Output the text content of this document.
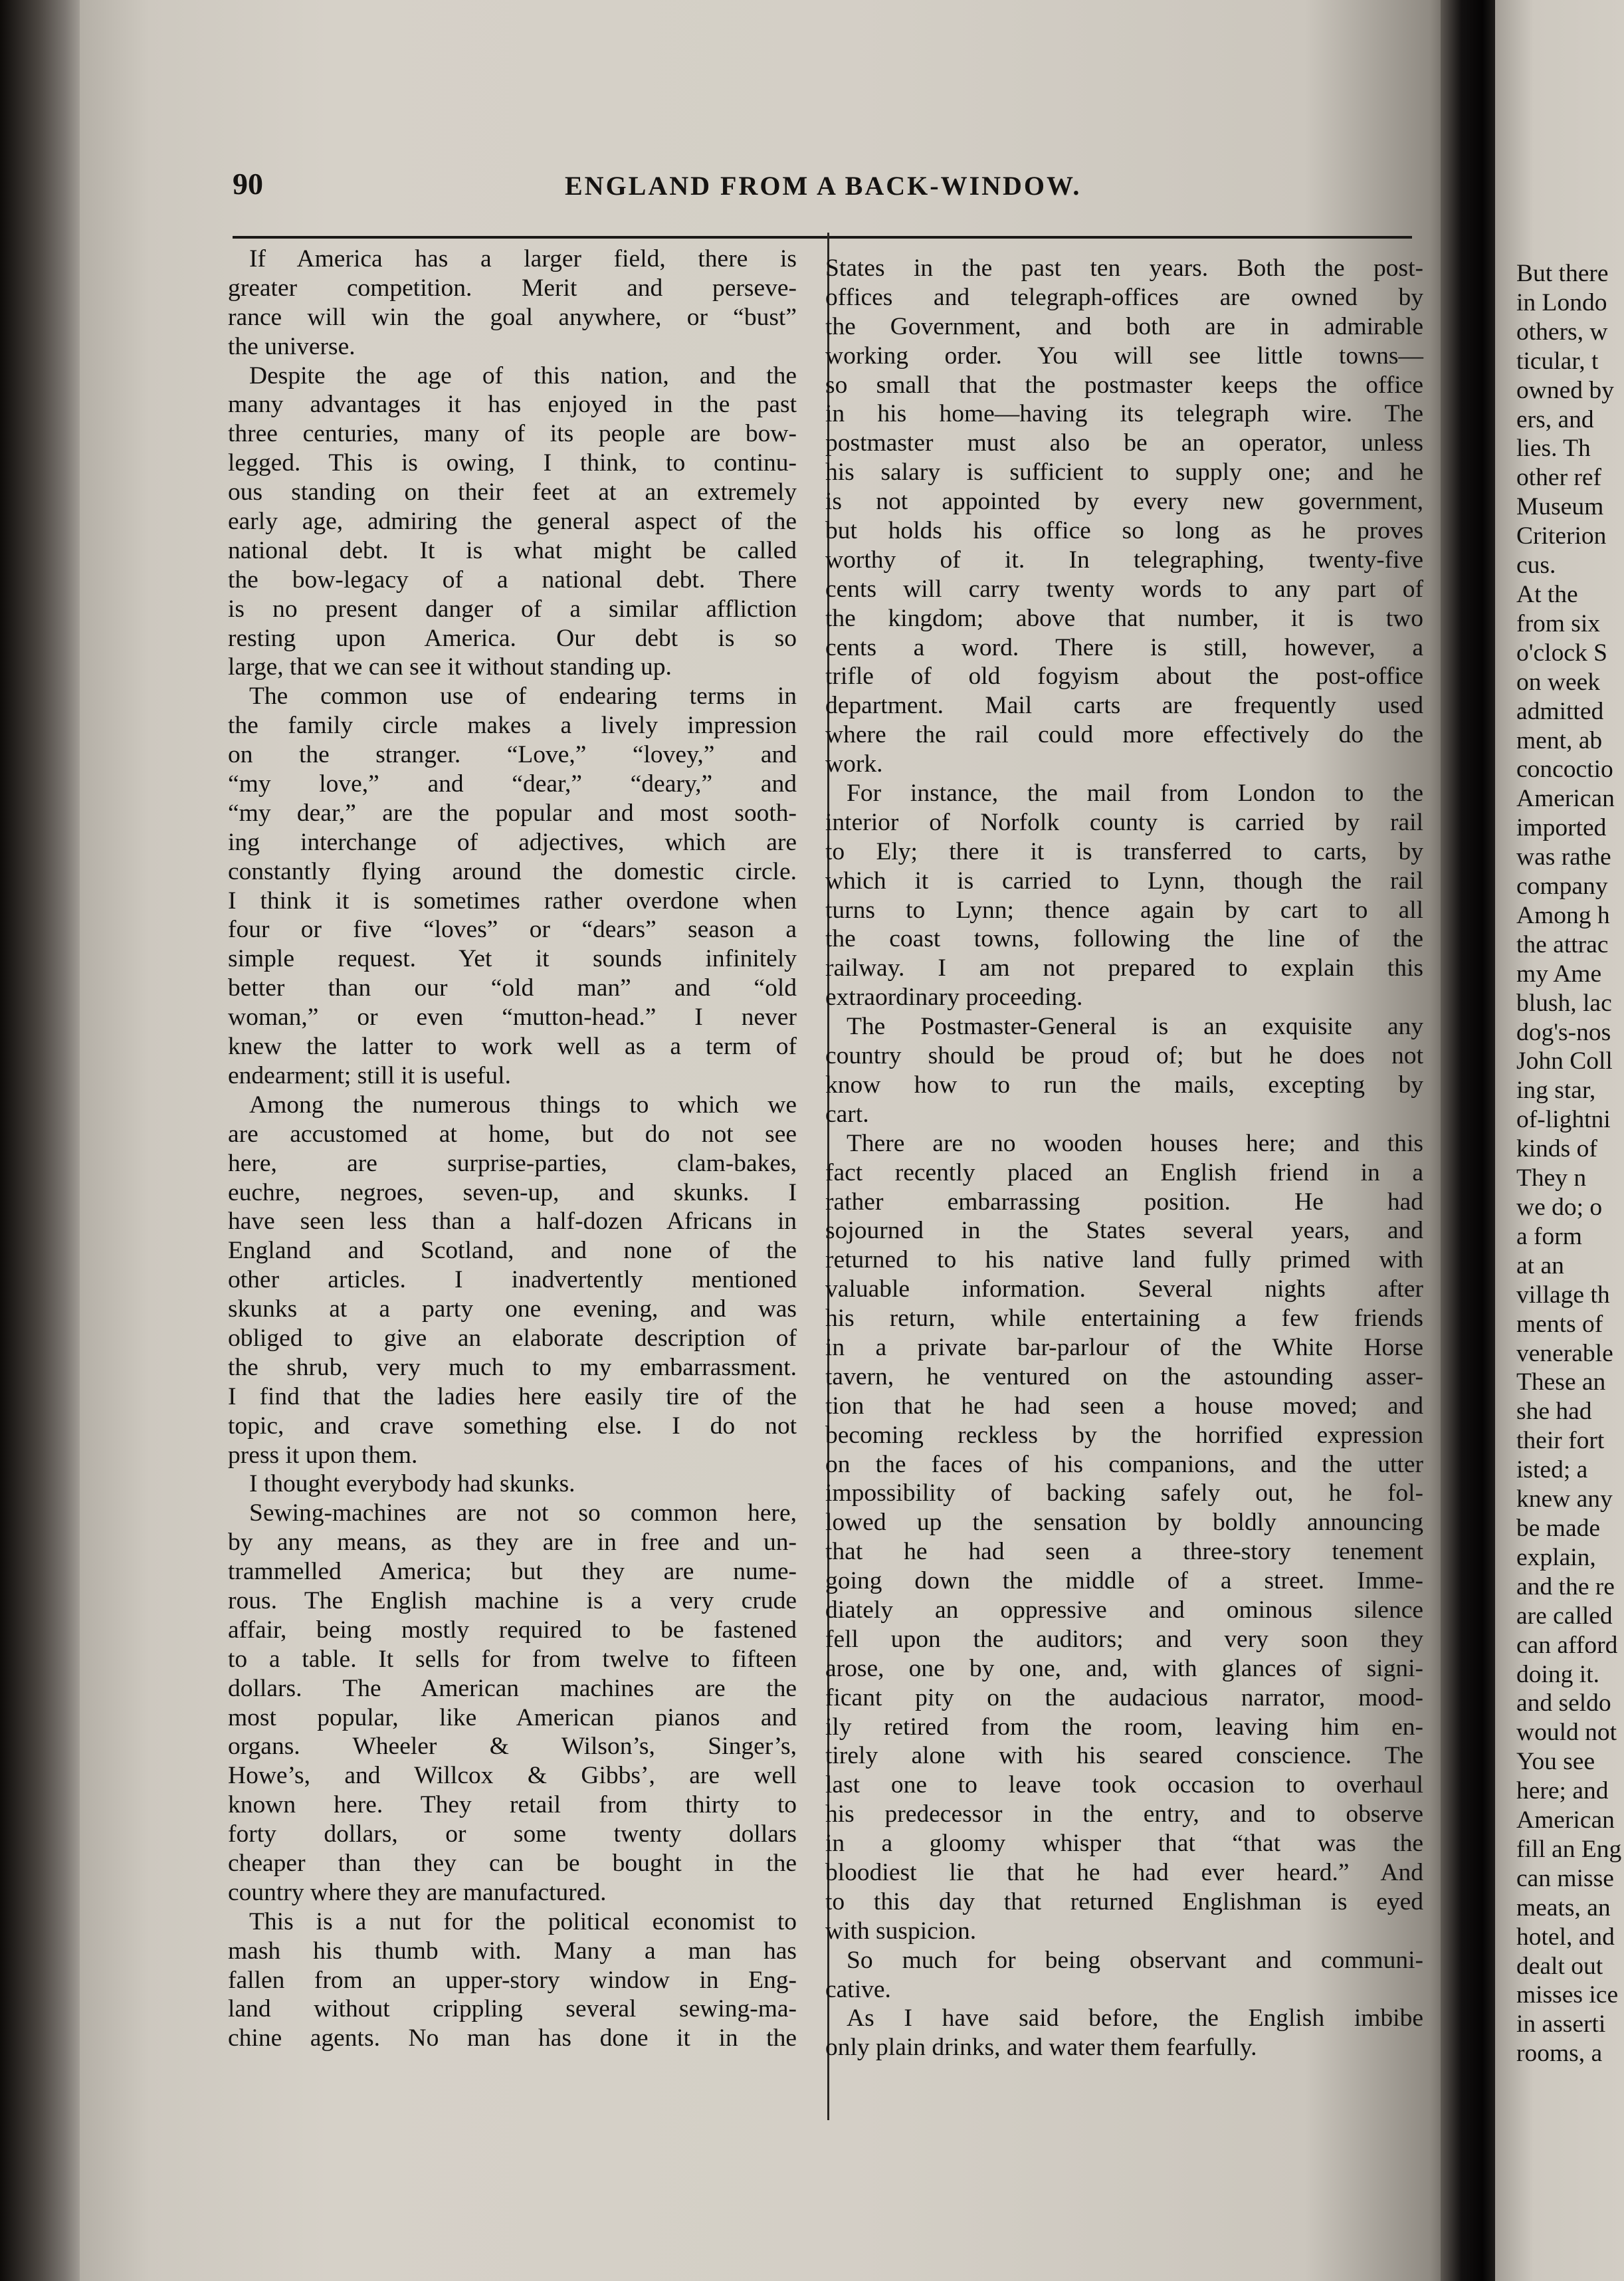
90	ENGLAND FROM A BACK-WINDOW.
If America has a larger field, there is
greater competition. Merit and perseve-
rance will win the goal anywhere, or “bust”
the universe.
Despite the age of this nation, and the
many advantages it has enjoyed in the past
three centuries, many of its people are bow-
legged. This is owing, I think, to continu-
ous standing on their feet at an extremely
early age, admiring the general aspect of the
national debt. It is what might be called
the bow-legacy of a national debt. There
is no present danger of a similar affliction
resting upon America. Our debt is so
large, that we can see it without standing up.
The common use of endearing terms in
the family circle makes a lively impression
on the stranger. “Love,” “lovey,” and
“my love,” and “dear,” “deary,” and
“my dear,” are the popular and most sooth-
ing interchange of adjectives, which are
constantly flying around the domestic circle.
I think it is sometimes rather overdone when
four or five “loves” or “dears” season a
simple request. Yet it sounds infinitely
better than our “old man” and “old
woman,” or even “mutton-head.” I never
knew the latter to work well as a term of
endearment; still it is useful.
Among the numerous things to which we
are accustomed at home, but do not see
here, are surprise-parties, clam-bakes,
euchre, negroes, seven-up, and skunks. I
have seen less than a half-dozen Africans in
England and Scotland, and none of the
other articles. I inadvertently mentioned
skunks at a party one evening, and was
obliged to give an elaborate description of
the shrub, very much to my embarrassment.
I find that the ladies here easily tire of the
topic, and crave something else. I do not
press it upon them.
I thought everybody had skunks.
Sewing-machines are not so common here,
by any means, as they are in free and un-
trammelled America; but they are nume-
rous. The English machine is a very crude
affair, being mostly required to be fastened
to a table. It sells for from twelve to fifteen
dollars. The American machines are the
most popular, like American pianos and
organs. Wheeler & Wilson’s, Singer’s,
Howe’s, and Willcox & Gibbs’, are well
known here. They retail from thirty to
forty dollars, or some twenty dollars
cheaper than they can be bought in the
country where they are manufactured.
This is a nut for the political economist to
mash his thumb with. Many a man has
fallen from an upper-story window in Eng-
land without crippling several sewing-ma-
chine agents. No man has done it in the
States in the past ten years. Both the post-
offices and telegraph-offices are owned by
the Government, and both are in admirable
working order. You will see little towns—
so small that the postmaster keeps the office
in his home—having its telegraph wire. The
postmaster must also be an operator, unless
his salary is sufficient to supply one; and he
is not appointed by every new government,
but holds his office so long as he proves
worthy of it. In telegraphing, twenty-five
cents will carry twenty words to any part of
the kingdom; above that number, it is two
cents a word. There is still, however, a
trifle of old fogyism about the post-office
department. Mail carts are frequently used
where the rail could more effectively do the
work.
For instance, the mail from London to the
interior of Norfolk county is carried by rail
to Ely; there it is transferred to carts, by
which it is carried to Lynn, though the rail
turns to Lynn; thence again by cart to all
the coast towns, following the line of the
railway. I am not prepared to explain this
extraordinary proceeding.
The Postmaster-General is an exquisite any
country should be proud of; but he does not
know how to run the mails, excepting by
cart.
There are no wooden houses here; and this
fact recently placed an English friend in a
rather embarrassing position. He had
sojourned in the States several years, and
returned to his native land fully primed with
valuable information. Several nights after
his return, while entertaining a few friends
in a private bar-parlour of the White Horse
tavern, he ventured on the astounding asser-
tion that he had seen a house moved; and
becoming reckless by the horrified expression
on the faces of his companions, and the utter
impossibility of backing safely out, he fol-
lowed up the sensation by boldly announcing
that he had seen a three-story tenement
going down the middle of a street. Imme-
diately an oppressive and ominous silence
fell upon the auditors; and very soon they
arose, one by one, and, with glances of signi-
ficant pity on the audacious narrator, mood-
ily retired from the room, leaving him en-
tirely alone with his seared conscience. The
last one to leave took occasion to overhaul
his predecessor in the entry, and to observe
in a gloomy whisper that “that was the
bloodiest lie that he had ever heard.” And
to this day that returned Englishman is eyed
with suspicion.
So much for being observant and communi-
cative.
As I have said before, the English imbibe
only plain drinks, and water them fearfully.
But there
in Londo
others, w
ticular, t
owned by
ers, and
lies. Th
other ref
Museum
Criterion
cus.
At the
from six
o'clock S
on week
admitted
ment, ab
concoctio
American
imported
was rathe
company
Among h
the attrac
my Ame
blush, lac
dog's-nos
John Coll
ing star,
of-lightni
kinds of
They n
we do; o
a form
at an
village th
ments of
venerable
These an
she had
their fort
isted; a
knew any
be made
explain,
and the re
are called
can afford
doing it.
and seldo
would not
You see
here; and
American
fill an Eng
can misse
meats, an
hotel, and
dealt out
misses ice
in asserti
rooms, a
